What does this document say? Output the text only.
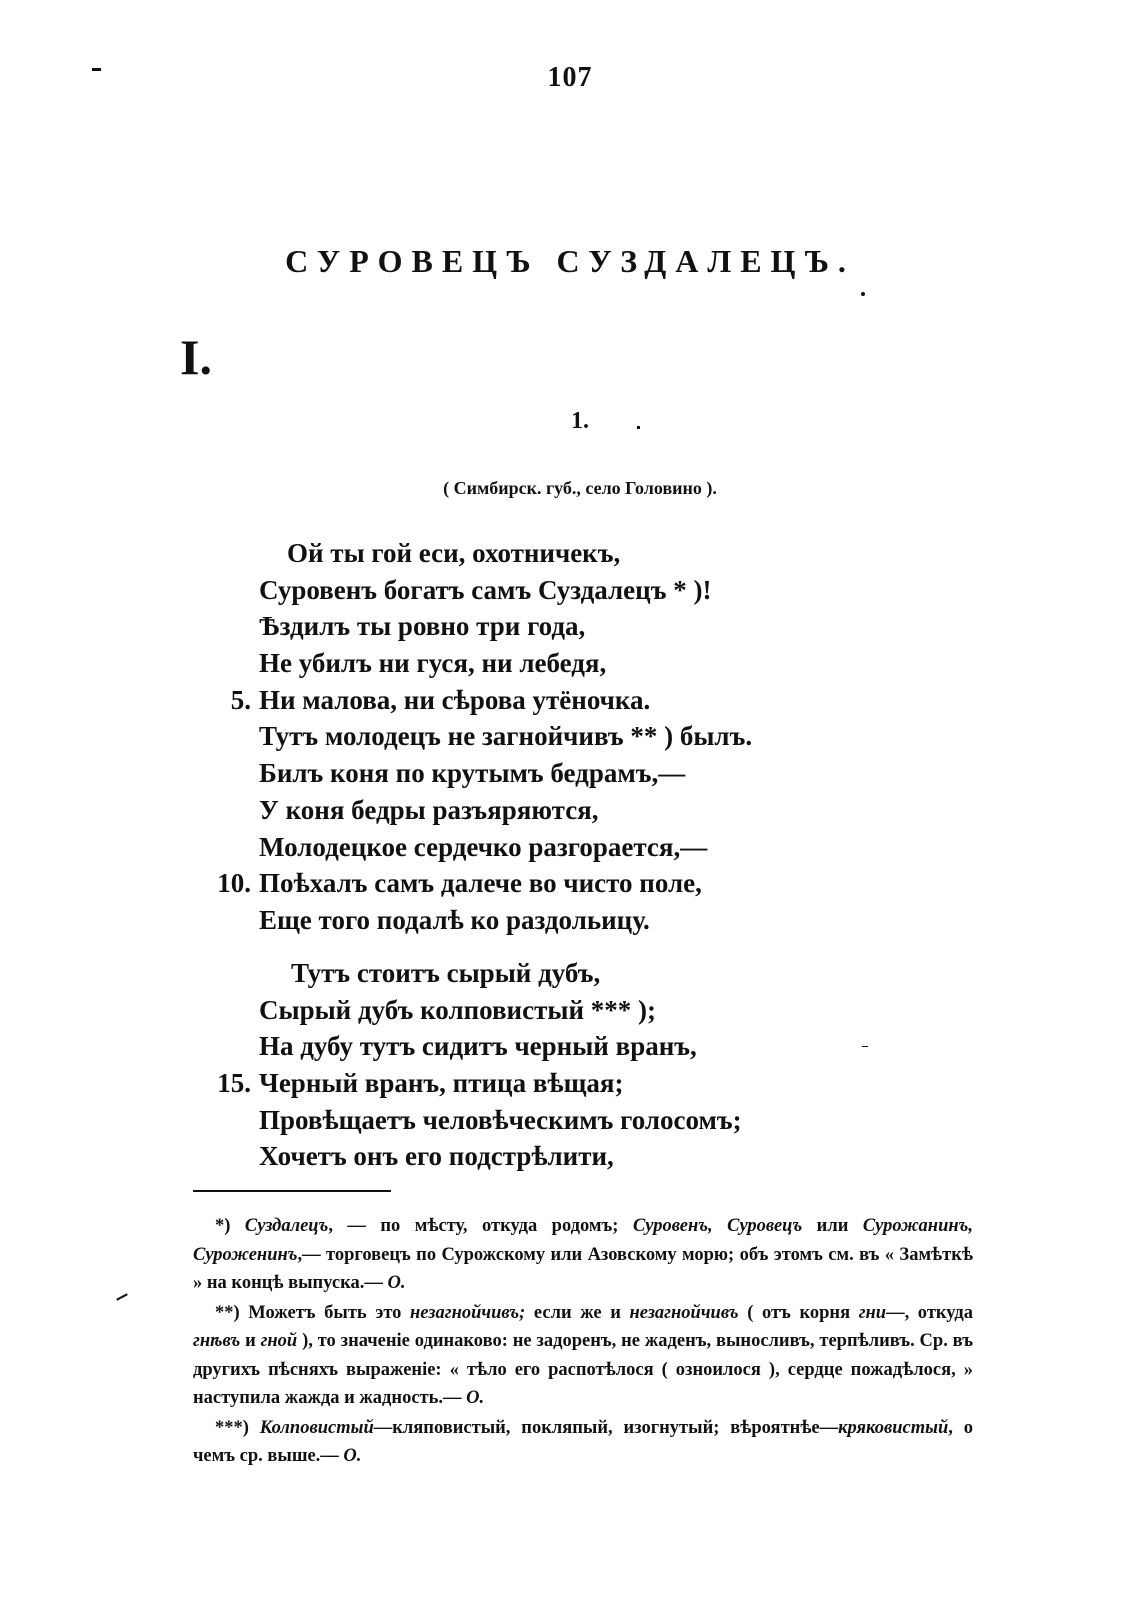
107
СУРОВЕЦЪ СУЗДАЛЕЦЪ.
I.
1.
( Симбирск. губ., село Головино ).
Ой ты гой еси, охотничекъ,
Суровенъ богатъ самъ Суздалецъ * )!
Ѣздилъ ты ровно три года,
Не убилъ ни гуся, ни лебедя,
5. Ни малова, ни сѣрова утёночка.
Тутъ молодецъ не загнойчивъ ** ) былъ.
Билъ коня по крутымъ бедрамъ,—
У коня бедры разъяряются,
Молодецкое сердечко разгорается,—
10. Поѣхалъ самъ далече во чисто поле,
Еще того подалѣ ко раздольицу.
Тутъ стоитъ сырый дубъ,
Сырый дубъ колповистый *** );
На дубу тутъ сидитъ черный вранъ,
15. Черный вранъ, птица вѣщая;
Провѣщаетъ человѣческимъ голосомъ;
Хочетъ онъ его подстрѣлити,

*) Суздалецъ, — по мѣсту, откуда родомъ; Суровенъ, Суровецъ или Сурожанинъ, Суроженинъ,— торговецъ по Сурожскому или Азовскому морю; объ этомъ см. въ « Замѣткѣ » на концѣ выпуска.— О.

**) Можетъ быть это незагнойчивъ; если же и незагнойчивъ ( отъ корня гни—, откуда гнѣвъ и гной ), то значеніе одинаково: не задоренъ, не жаденъ, выносливъ, терпѣливъ. Ср. въ другихъ пѣсняхъ выраженіе: « тѣло его распотѣлося ( озноилося ), сердце пожадѣлося, » наступила жажда и жадность.— О.

***) Колповистый—кляповистый, покляпый, изогнутый; вѣроятнѣе—кряковистый, о чемъ ср. выше.— О.
